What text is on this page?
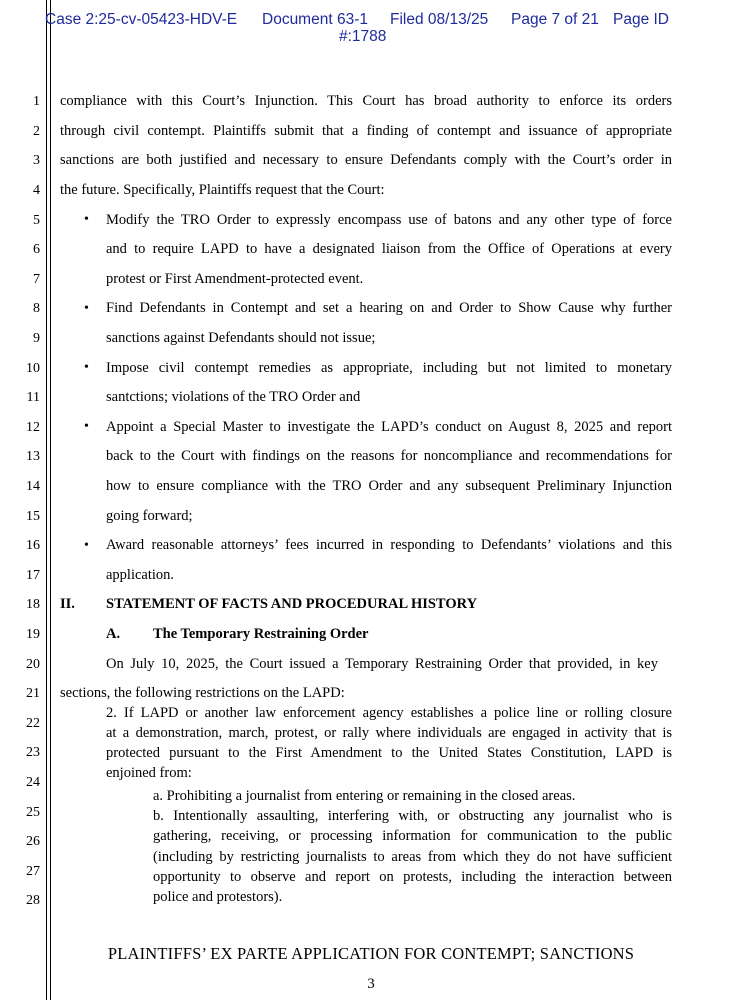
Case 2:25-cv-05423-HDV-E Document 63-1 Filed 08/13/25 Page 7 of 21 Page ID
#:1788
1
2
3
4
5
6
7
8
9
10
11
12
13
14
15
16
17
18
19
20
21
22
23
24
25
26
27
28
compliance with this Court’s Injunction. This Court has broad authority to enforce its orders
through civil contempt. Plaintiffs submit that a finding of contempt and issuance of appropriate
sanctions are both justified and necessary to ensure Defendants comply with the Court’s order in
the future. Specifically, Plaintiffs request that the Court:
• Modify the TRO Order to expressly encompass use of batons and any other type of force
and to require LAPD to have a designated liaison from the Office of Operations at every
protest or First Amendment-protected event.
• Find Defendants in Contempt and set a hearing on and Order to Show Cause why further
sanctions against Defendants should not issue;
• Impose civil contempt remedies as appropriate, including but not limited to monetary
santctions; violations of the TRO Order and
• Appoint a Special Master to investigate the LAPD’s conduct on August 8, 2025 and report
back to the Court with findings on the reasons for noncompliance and recommendations for
how to ensure compliance with the TRO Order and any subsequent Preliminary Injunction
going forward;
• Award reasonable attorneys’ fees incurred in responding to Defendants’ violations and this
application.
II. STATEMENT OF FACTS AND PROCEDURAL HISTORY
A. The Temporary Restraining Order
On July 10, 2025, the Court issued a Temporary Restraining Order that provided, in key
sections, the following restrictions on the LAPD:
2. If LAPD or another law enforcement agency establishes a police line or rolling closure
at a demonstration, march, protest, or rally where individuals are engaged in activity that is
protected pursuant to the First Amendment to the United States Constitution, LAPD is
enjoined from:
a. Prohibiting a journalist from entering or remaining in the closed areas.
b. Intentionally assaulting, interfering with, or obstructing any journalist who is
gathering, receiving, or processing information for communication to the public
(including by restricting journalists to areas from which they do not have sufficient
opportunity to observe and report on protests, including the interaction between
police and protestors).
PLAINTIFFS’ EX PARTE APPLICATION FOR CONTEMPT; SANCTIONS
3
